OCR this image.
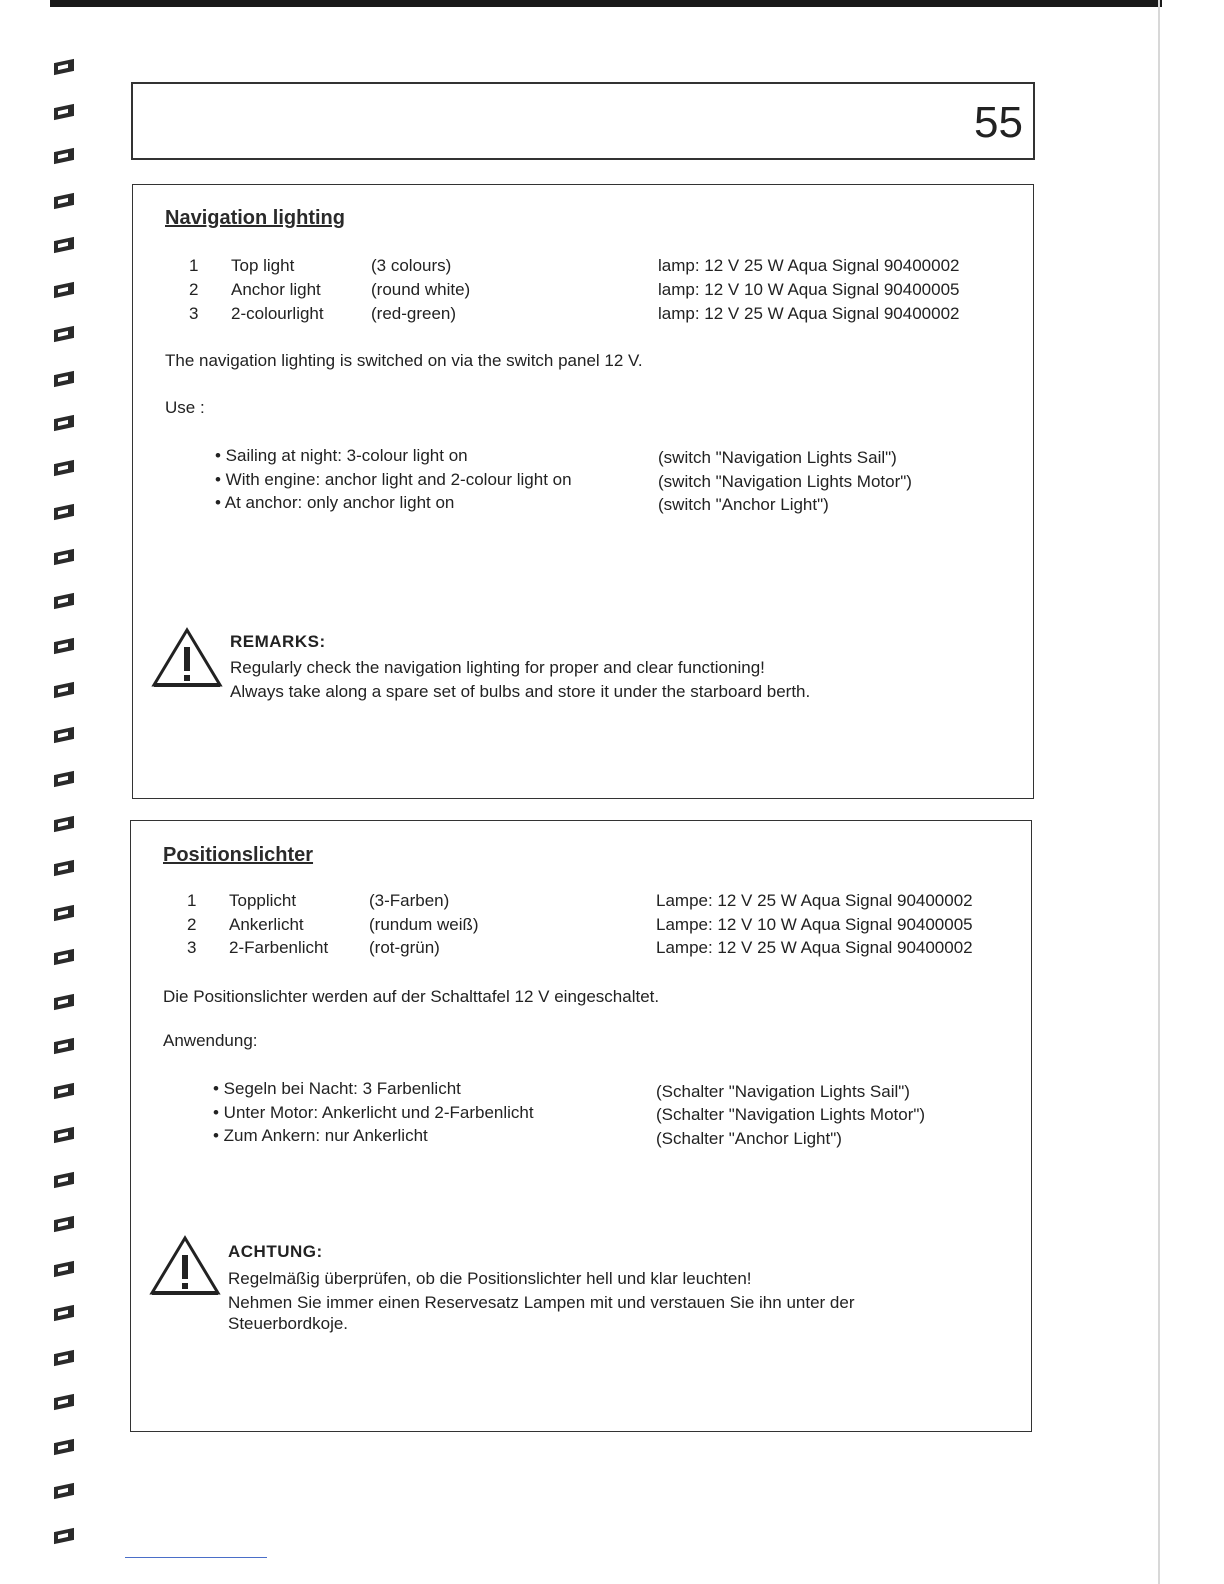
55
Navigation lighting
1 Top light	(3 colours)	lamp: 12 V 25 W Aqua Signal 90400002
2 Anchor light	(round white)	lamp: 12 V 10 W Aqua Signal 90400005
3 2-colourlight	(red-green)	lamp: 12 V 25 W Aqua Signal 90400002
The navigation lighting is switched on via the switch panel 12 V.
Use :
• Sailing at night: 3-colour light on	(switch "Navigation Lights Sail")
• With engine: anchor light and 2-colour light on	(switch "Navigation Lights Motor")
• At anchor: only anchor light on	(switch "Anchor Light")
REMARKS:
Regularly check the navigation lighting for proper and clear functioning!
Always take along a spare set of bulbs and store it under the starboard berth.
Positionslichter
1 Topplicht	(3-Farben)	Lampe: 12 V 25 W Aqua Signal 90400002
2 Ankerlicht	(rundum weiß)	Lampe: 12 V 10 W Aqua Signal 90400005
3 2-Farbenlicht (rot-grün)	Lampe: 12 V 25 W Aqua Signal 90400002
Die Positionslichter werden auf der Schalttafel 12 V eingeschaltet.
Anwendung:
• Segeln bei Nacht: 3 Farbenlicht	(Schalter "Navigation Lights Sail")
• Unter Motor: Ankerlicht und 2-Farbenlicht	(Schalter "Navigation Lights Motor")
• Zum Ankern: nur Ankerlicht	(Schalter "Anchor Light")
ACHTUNG:
Regelmäßig überprüfen, ob die Positionslichter hell und klar leuchten!
Nehmen Sie immer einen Reservesatz Lampen mit und verstauen Sie ihn unter der
Steuerbordkoje.
